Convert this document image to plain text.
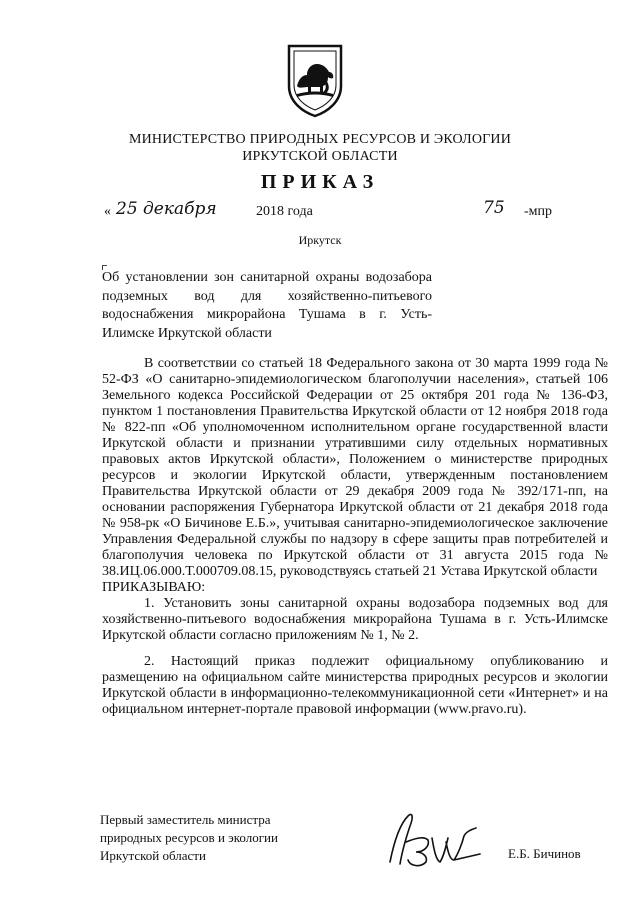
МИНИСТЕРСТВО ПРИРОДНЫХ РЕСУРСОВ И ЭКОЛОГИИ
ИРКУТСКОЙ ОБЛАСТИ
ПРИКАЗ
« 25 декабря	2018 года	75 -мпр
Иркутск
Об установлении зон санитарной охраны водозабора подземных вод для хозяйственно-питьевого водоснабжения микрорайона Тушама в г. Усть-Илимске Иркутской области

В соответствии со статьей 18 Федерального закона от 30 марта 1999 года № 52-ФЗ «О санитарно-эпидемиологическом благополучии населения», статьей 106 Земельного кодекса Российской Федерации от 25 октября 201 года № 136-ФЗ, пунктом 1 постановления Правительства Иркутской области от 12 ноября 2018 года № 822-пп «Об уполномоченном исполнительном органе государственной власти Иркутской области и признании утратившими силу отдельных нормативных правовых актов Иркутской области», Положением о министерстве природных ресурсов и экологии Иркутской области, утвержденным постановлением Правительства Иркутской области от 29 декабря 2009 года № 392/171-пп, на основании распоряжения Губернатора Иркутской области от 21 декабря 2018 года № 958-рк «О Бичинове Е.Б.», учитывая санитарно-эпидемиологическое заключение Управления Федеральной службы по надзору в сфере защиты прав потребителей и благополучия человека по Иркутской области от 31 августа 2015 года № 38.ИЦ.06.000.Т.000709.08.15, руководствуясь статьей 21 Устава Иркутской области

ПРИКАЗЫВАЮ:

1. Установить зоны санитарной охраны водозабора подземных вод для хозяйственно-питьевого водоснабжения микрорайона Тушама в г. Усть-Илимске Иркутской области согласно приложениям № 1, № 2.

2. Настоящий приказ подлежит официальному опубликованию и размещению на официальном сайте министерства природных ресурсов и экологии Иркутской области в информационно-телекоммуникационной сети «Интернет» и на официальном интернет-портале правовой информации (www.pravo.ru).

Первый заместитель министра
природных ресурсов и экологии
Иркутской области	Е.Б. Бичинов
